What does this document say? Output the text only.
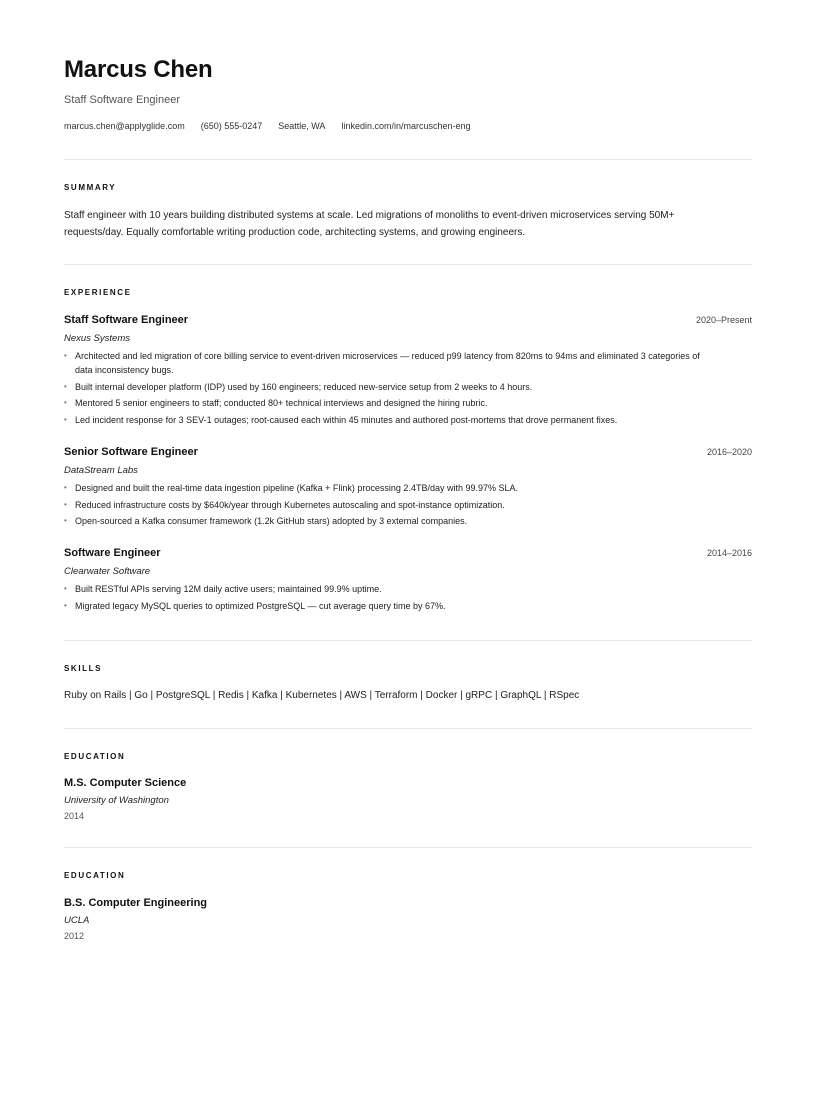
Marcus Chen
Staff Software Engineer
marcus.chen@applyglide.com (650) 555-0247 Seattle, WA linkedin.com/in/marcuschen-eng
SUMMARY
Staff engineer with 10 years building distributed systems at scale. Led migrations of monoliths to event-driven microservices serving 50M+ requests/day. Equally comfortable writing production code, architecting systems, and growing engineers.
EXPERIENCE
Staff Software Engineer	2020–Present
Nexus Systems
• Architected and led migration of core billing service to event-driven microservices — reduced p99 latency from 820ms to 94ms and eliminated 3 categories of data inconsistency bugs.
• Built internal developer platform (IDP) used by 160 engineers; reduced new-service setup from 2 weeks to 4 hours.
• Mentored 5 senior engineers to staff; conducted 80+ technical interviews and designed the hiring rubric.
• Led incident response for 3 SEV-1 outages; root-caused each within 45 minutes and authored post-mortems that drove permanent fixes.
Senior Software Engineer	2016–2020
DataStream Labs
• Designed and built the real-time data ingestion pipeline (Kafka + Flink) processing 2.4TB/day with 99.97% SLA.
• Reduced infrastructure costs by $640k/year through Kubernetes autoscaling and spot-instance optimization.
• Open-sourced a Kafka consumer framework (1.2k GitHub stars) adopted by 3 external companies.
Software Engineer	2014–2016
Clearwater Software
• Built RESTful APIs serving 12M daily active users; maintained 99.9% uptime.
• Migrated legacy MySQL queries to optimized PostgreSQL — cut average query time by 67%.
SKILLS
Ruby on Rails | Go | PostgreSQL | Redis | Kafka | Kubernetes | AWS | Terraform | Docker | gRPC | GraphQL | RSpec
EDUCATION
M.S. Computer Science
University of Washington
2014
EDUCATION
B.S. Computer Engineering
UCLA
2012
